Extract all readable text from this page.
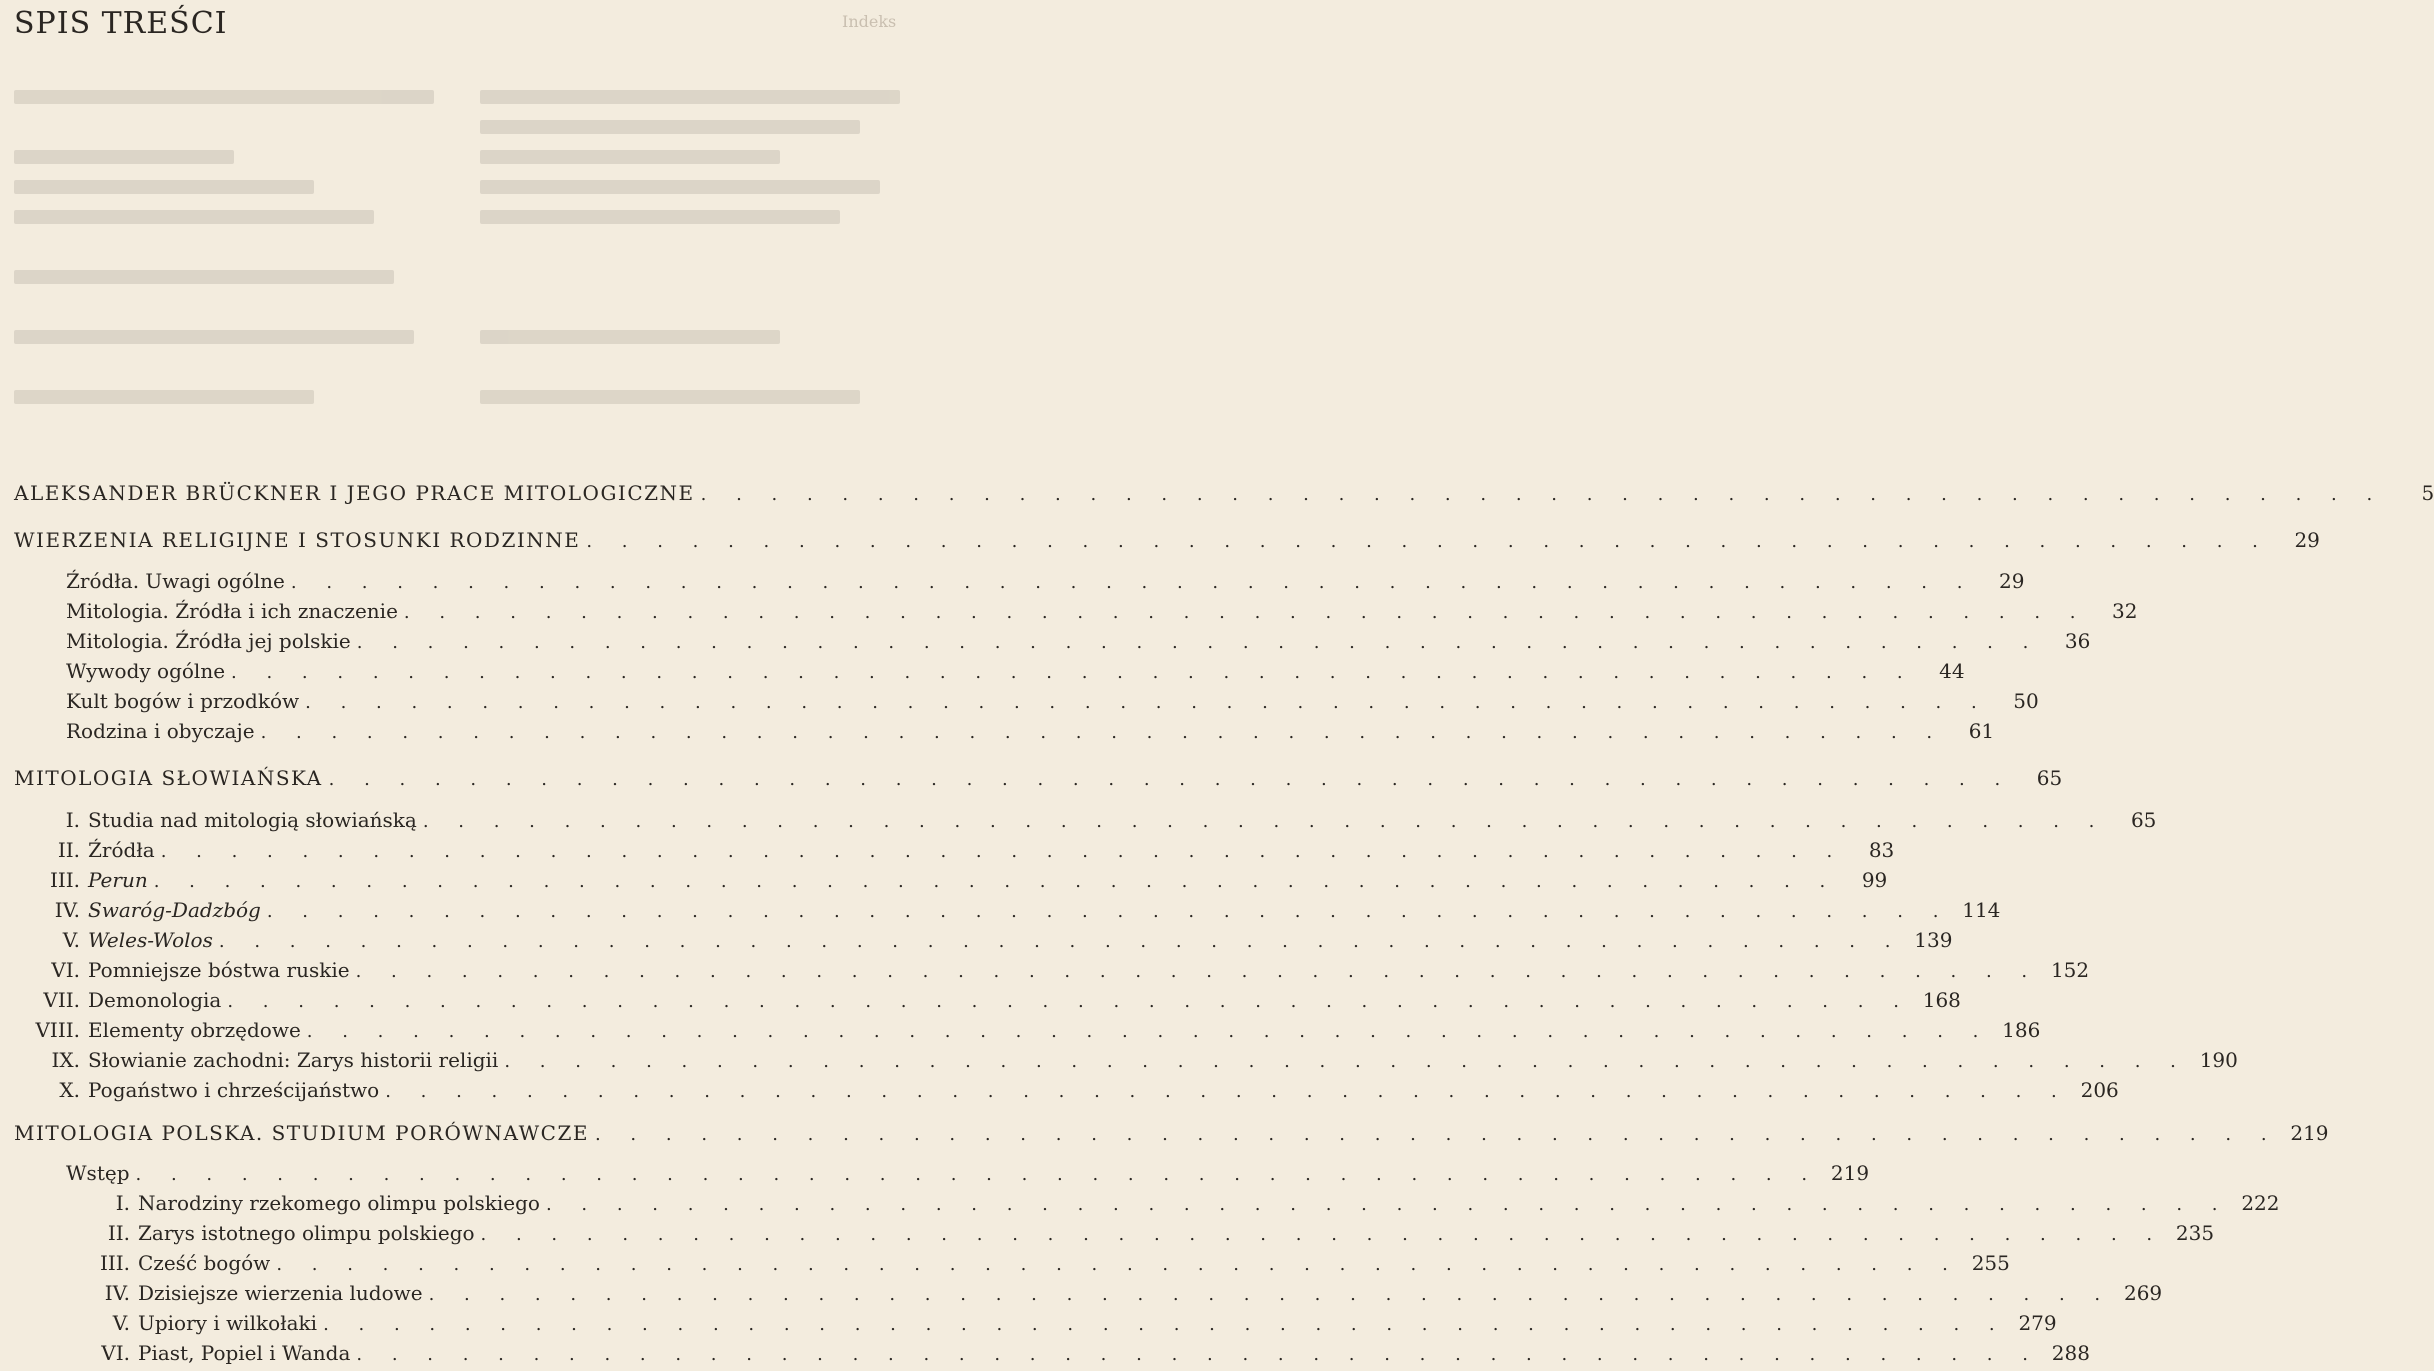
SPIS TREŚCI	Indeks
ALEKSANDER BRÜCKNER I JEGO PRACE MITOLOGICZNE . . . . . . . . . . . . . . . . . . . . . . . . . . . . . . . . . . . . . . . . . . . . . . . .	5
WIERZENIA RELIGIJNE I STOSUNKI RODZINNE . . . . . . . . . . . . . . . . . . . . . . . . . . . . . . . . . . . . . . . . . . . . . . . .	29
Źródła. Uwagi ogólne . . . . . . . . . . . . . . . . . . . . . . . . . . . . . . . . . . . . . . . . . . . . . . . .	29
Mitologia. Źródła i ich znaczenie . . . . . . . . . . . . . . . . . . . . . . . . . . . . . . . . . . . . . . . . . . . . . . . .	32
Mitologia. Źródła jej polskie . . . . . . . . . . . . . . . . . . . . . . . . . . . . . . . . . . . . . . . . . . . . . . . .	36
Wywody ogólne . . . . . . . . . . . . . . . . . . . . . . . . . . . . . . . . . . . . . . . . . . . . . . . .	44
Kult bogów i przodków . . . . . . . . . . . . . . . . . . . . . . . . . . . . . . . . . . . . . . . . . . . . . . . .	50
Rodzina i obyczaje . . . . . . . . . . . . . . . . . . . . . . . . . . . . . . . . . . . . . . . . . . . . . . . .	61
MITOLOGIA SŁOWIAŃSKA . . . . . . . . . . . . . . . . . . . . . . . . . . . . . . . . . . . . . . . . . . . . . . . .	65
I. Studia nad mitologią słowiańską . . . . . . . . . . . . . . . . . . . . . . . . . . . . . . . . . . . . . . . . . . . . . . . .	65
II. Źródła . . . . . . . . . . . . . . . . . . . . . . . . . . . . . . . . . . . . . . . . . . . . . . . .	83
III. Perun . . . . . . . . . . . . . . . . . . . . . . . . . . . . . . . . . . . . . . . . . . . . . . . .	99
IV. Swaróg-Dadzbóg . . . . . . . . . . . . . . . . . . . . . . . . . . . . . . . . . . . . . . . . . . . . . . . . 114
V. Weles-Wolos . . . . . . . . . . . . . . . . . . . . . . . . . . . . . . . . . . . . . . . . . . . . . . . . 139
VI. Pomniejsze bóstwa ruskie . . . . . . . . . . . . . . . . . . . . . . . . . . . . . . . . . . . . . . . . . . . . . . . . 152
VII. Demonologia . . . . . . . . . . . . . . . . . . . . . . . . . . . . . . . . . . . . . . . . . . . . . . . . 168
VIII. Elementy obrzędowe . . . . . . . . . . . . . . . . . . . . . . . . . . . . . . . . . . . . . . . . . . . . . . . . 186
IX. Słowianie zachodni: Zarys historii religii . . . . . . . . . . . . . . . . . . . . . . . . . . . . . . . . . . . . . . . . . . . . . . . . 190
X. Pogaństwo i chrześcijaństwo . . . . . . . . . . . . . . . . . . . . . . . . . . . . . . . . . . . . . . . . . . . . . . . . 206
MITOLOGIA POLSKA. STUDIUM PORÓWNAWCZE . . . . . . . . . . . . . . . . . . . . . . . . . . . . . . . . . . . . . . . . . . . . . . . . 219
Wstęp . . . . . . . . . . . . . . . . . . . . . . . . . . . . . . . . . . . . . . . . . . . . . . . . 219
I. Narodziny rzekomego olimpu polskiego . . . . . . . . . . . . . . . . . . . . . . . . . . . . . . . . . . . . . . . . . . . . . . . . 222
II. Zarys istotnego olimpu polskiego . . . . . . . . . . . . . . . . . . . . . . . . . . . . . . . . . . . . . . . . . . . . . . . . 235
III. Cześć bogów . . . . . . . . . . . . . . . . . . . . . . . . . . . . . . . . . . . . . . . . . . . . . . . . 255
IV. Dzisiejsze wierzenia ludowe . . . . . . . . . . . . . . . . . . . . . . . . . . . . . . . . . . . . . . . . . . . . . . . . 269
V. Upiory i wilkołaki . . . . . . . . . . . . . . . . . . . . . . . . . . . . . . . . . . . . . . . . . . . . . . . . 279
VI. Piast, Popiel i Wanda . . . . . . . . . . . . . . . . . . . . . . . . . . . . . . . . . . . . . . . . . . . . . . . . 288
